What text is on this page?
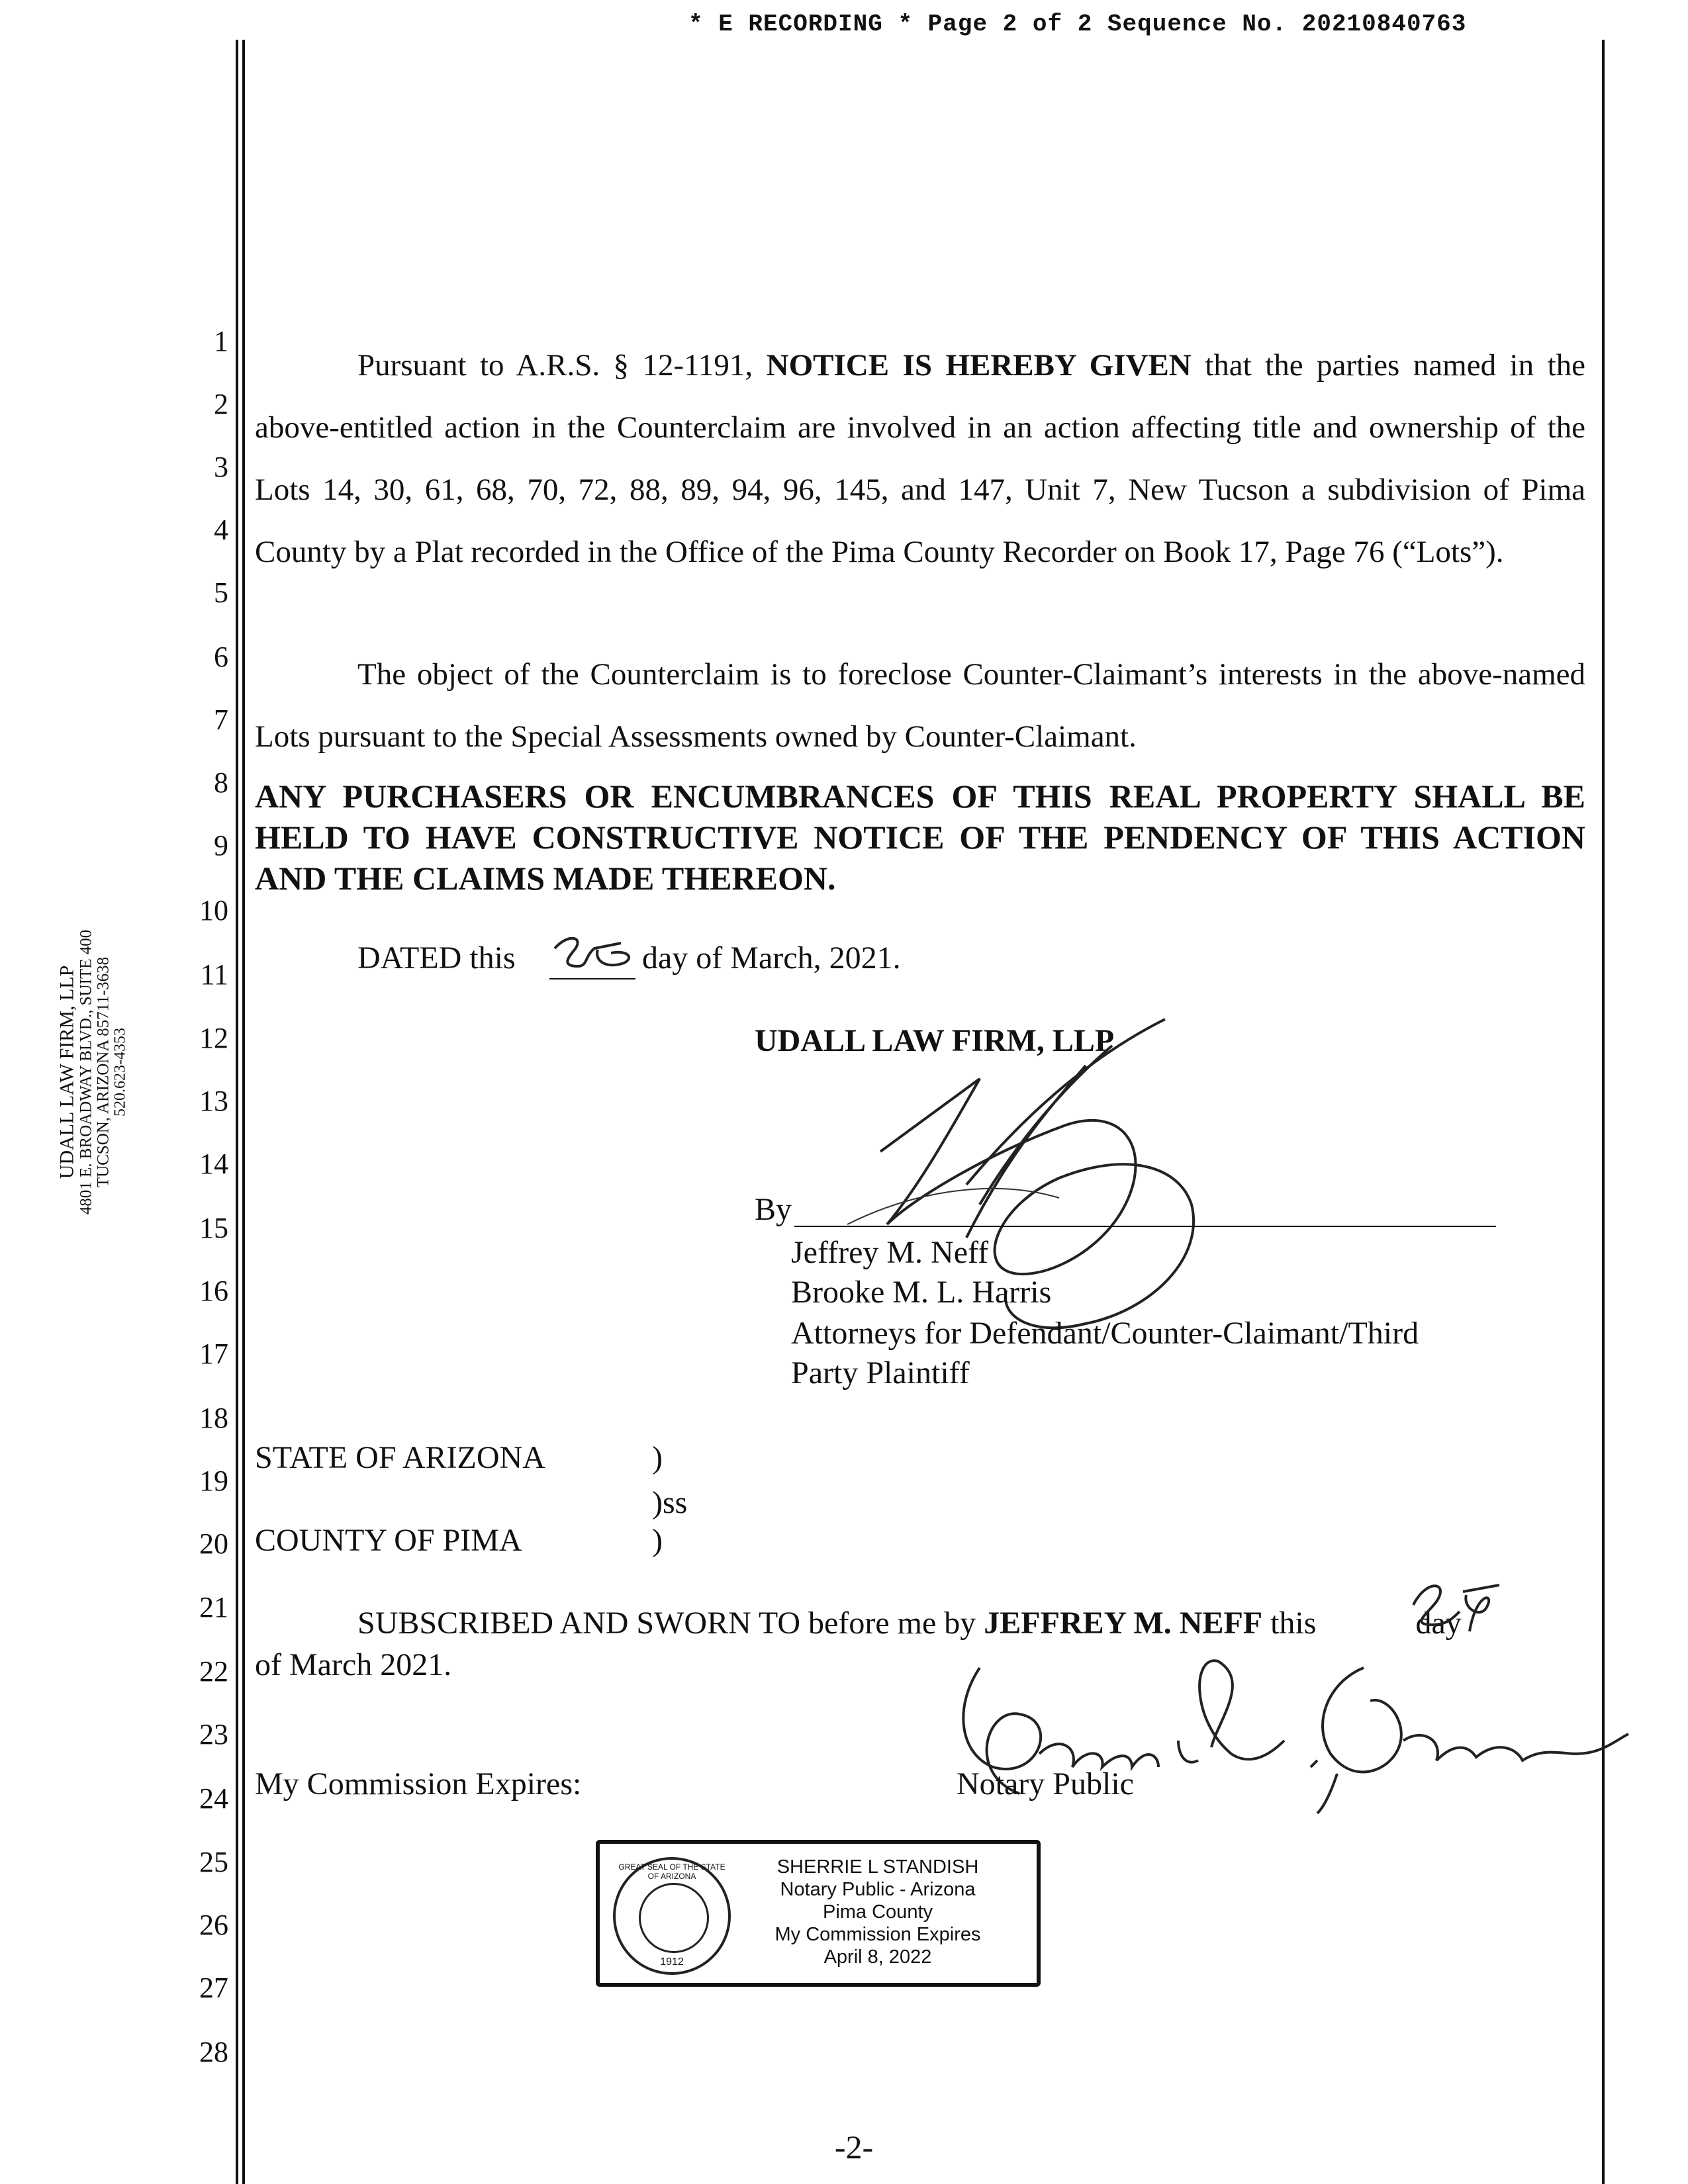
* E RECORDING * Page 2 of 2 Sequence No. 20210840763
1
2
3
4
5
6
7
8
9
10
11
12
13
14
15
16
17
18
19
20
21
22
23
24
25
26
27
28
UDALL LAW FIRM, LLP
4801 E. BROADWAY BLVD., SUITE 400 TUCSON, ARIZONA 85711-3638 520.623-4353
Pursuant to A.R.S. § 12-1191, NOTICE IS HEREBY GIVEN that the parties named in the above-entitled action in the Counterclaim are involved in an action affecting title and ownership of the Lots 14, 30, 61, 68, 70, 72, 88, 89, 94, 96, 145, and 147, Unit 7, New Tucson a subdivision of Pima County by a Plat recorded in the Office of the Pima County Recorder on Book 17, Page 76 (“Lots”).
The object of the Counterclaim is to foreclose Counter-Claimant’s interests in the above-named Lots pursuant to the Special Assessments owned by Counter-Claimant.
ANY PURCHASERS OR ENCUMBRANCES OF THIS REAL PROPERTY SHALL BE HELD TO HAVE CONSTRUCTIVE NOTICE OF THE PENDENCY OF THIS ACTION AND THE CLAIMS MADE THEREON.
DATED this	day of March, 2021.
UDALL LAW FIRM, LLP
By
Jeffrey M. Neff
Brooke M. L. Harris
Attorneys for Defendant/Counter-Claimant/Third
Party Plaintiff
STATE OF ARIZONA	)
)ss
COUNTY OF PIMA	)
SUBSCRIBED AND SWORN TO before me by JEFFREY M. NEFF this	day
of March 2021.
My Commission Expires:	Notary Public
GREAT SEAL OF THE STATE OF ARIZONA
1912
SHERRIE L STANDISH
Notary Public - Arizona
Pima County
My Commission Expires
April 8, 2022
-2-
